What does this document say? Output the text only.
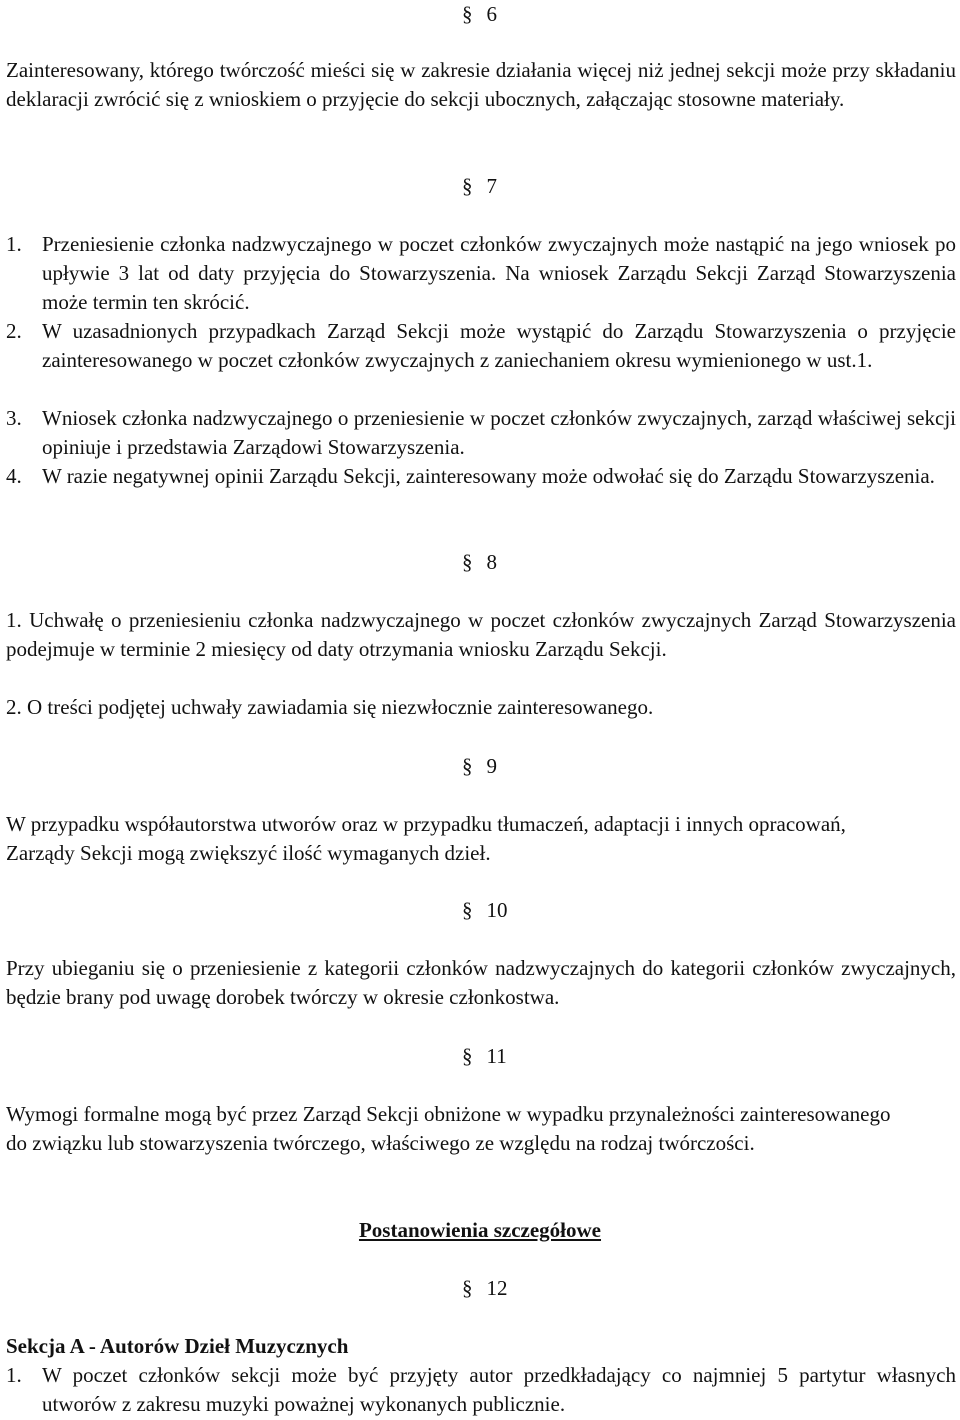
§ 6
Zainteresowany, którego twórczość mieści się w zakresie działania więcej niż jednej sekcji może przy składaniu deklaracji zwrócić się z wnioskiem o przyjęcie do sekcji ubocznych, załączając stosowne materiały.
§ 7
1. Przeniesienie członka nadzwyczajnego w poczet członków zwyczajnych może nastąpić na jego wniosek po upływie 3 lat od daty przyjęcia do Stowarzyszenia. Na wniosek Zarządu Sekcji Zarząd Stowarzyszenia może termin ten skrócić.
2. W uzasadnionych przypadkach Zarząd Sekcji może wystąpić do Zarządu Stowarzyszenia o przyjęcie zainteresowanego w poczet członków zwyczajnych z zaniechaniem okresu wymienionego w ust.1.
3. Wniosek członka nadzwyczajnego o przeniesienie w poczet członków zwyczajnych, zarząd właściwej sekcji opiniuje i przedstawia Zarządowi Stowarzyszenia.
4. W razie negatywnej opinii Zarządu Sekcji, zainteresowany może odwołać się do Zarządu Stowarzyszenia.
§ 8
1. Uchwałę o przeniesieniu członka nadzwyczajnego w poczet członków zwyczajnych Zarząd Stowarzyszenia podejmuje w terminie 2 miesięcy od daty otrzymania wniosku Zarządu Sekcji.
2. O treści podjętej uchwały zawiadamia się niezwłocznie zainteresowanego.
§ 9
W przypadku współautorstwa utworów oraz w przypadku tłumaczeń, adaptacji i innych opracowań, Zarządy Sekcji mogą zwiększyć ilość wymaganych dzieł.
§ 10
Przy ubieganiu się o przeniesienie z kategorii członków nadzwyczajnych do kategorii członków zwyczajnych, będzie brany pod uwagę dorobek twórczy w okresie członkostwa.
§ 11
Wymogi formalne mogą być przez Zarząd Sekcji obniżone w wypadku przynależności zainteresowanego do związku lub stowarzyszenia twórczego, właściwego ze względu na rodzaj twórczości.
Postanowienia szczegółowe
§ 12
Sekcja A - Autorów Dzieł Muzycznych
1. W poczet członków sekcji może być przyjęty autor przedkładający co najmniej 5 partytur własnych utworów z zakresu muzyki poważnej wykonanych publicznie.
